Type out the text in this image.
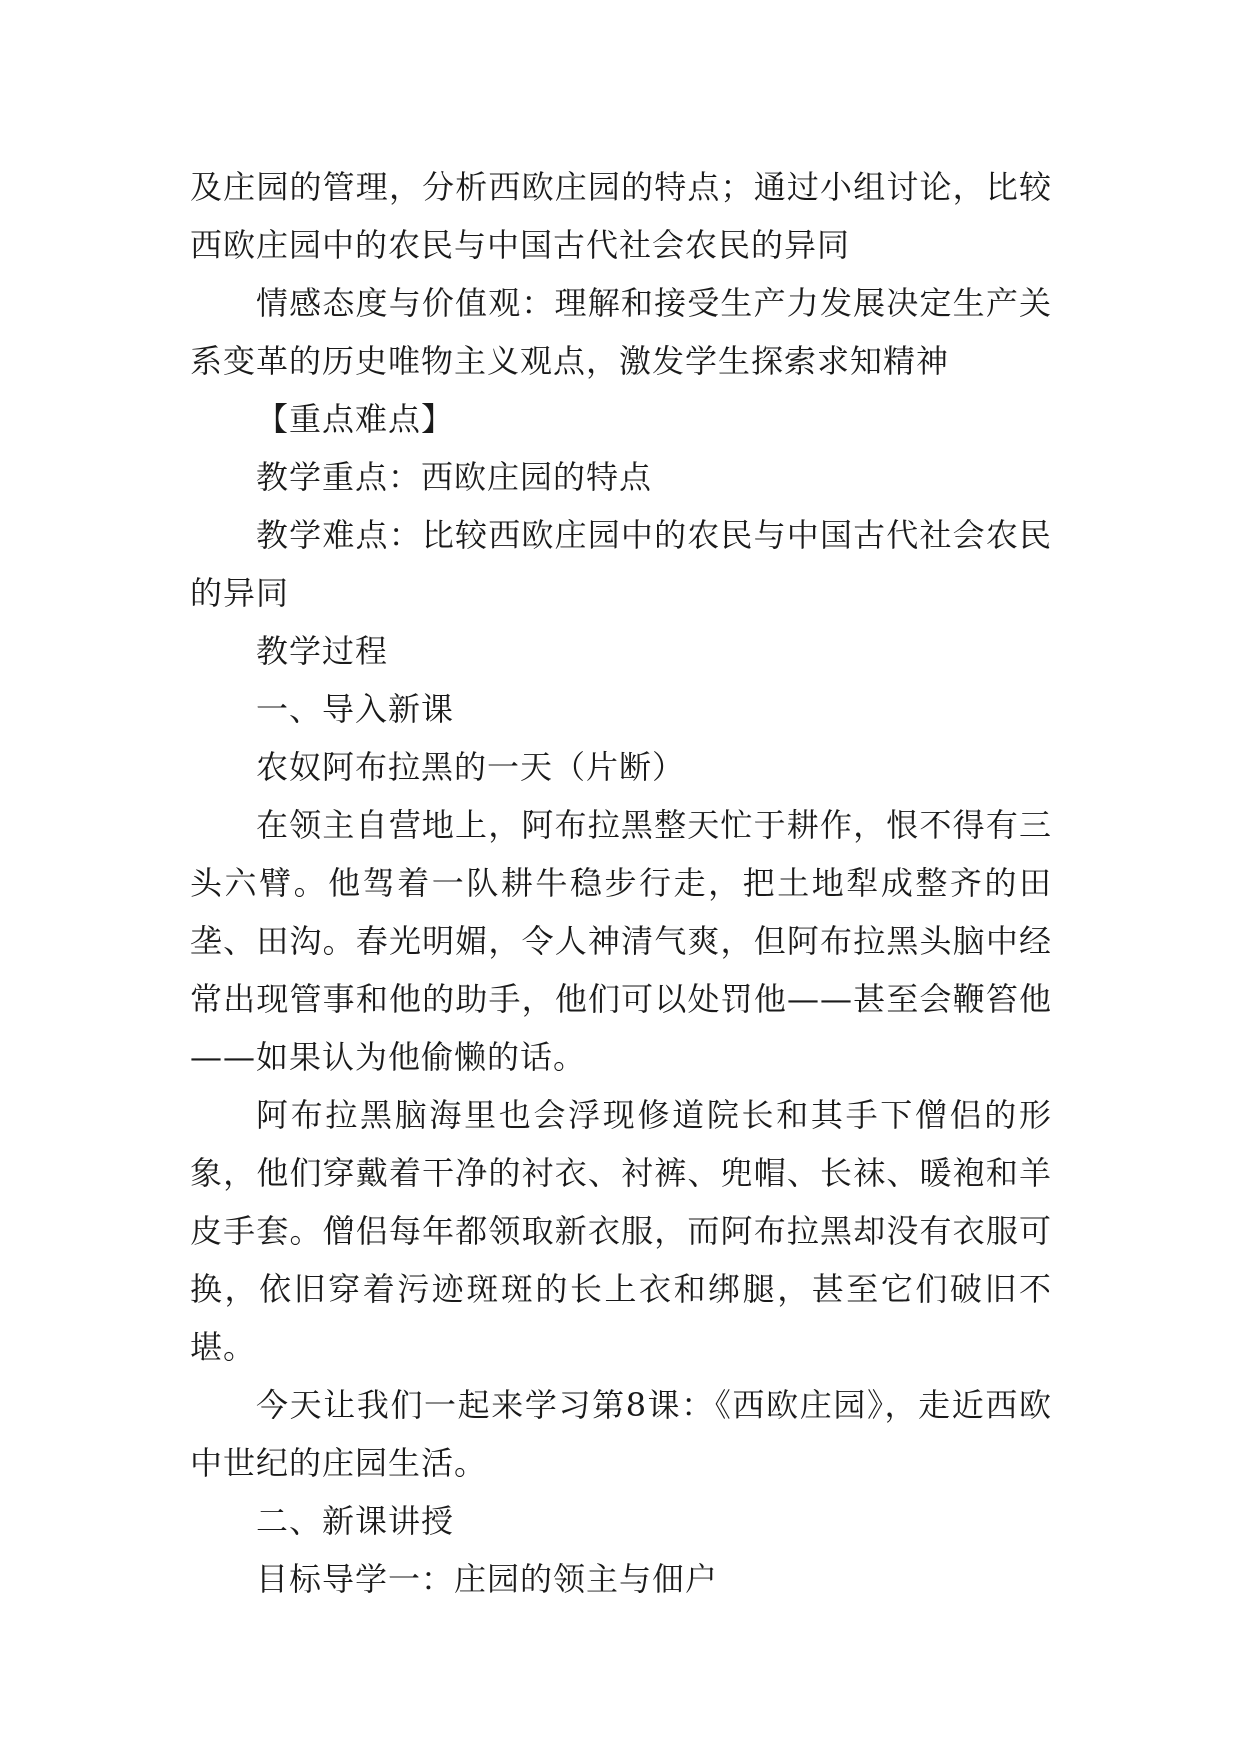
及庄园的管理，分析西欧庄园的特点；通过小组讨论，比较西欧庄园中的农民与中国古代社会农民的异同

情感态度与价值观：理解和接受生产力发展决定生产关系变革的历史唯物主义观点，激发学生探索求知精神

【重点难点】

教学重点：西欧庄园的特点

教学难点：比较西欧庄园中的农民与中国古代社会农民的异同

教学过程

一、导入新课

农奴阿布拉黑的一天（片断）

在领主自营地上，阿布拉黑整天忙于耕作，恨不得有三头六臂。他驾着一队耕牛稳步行走，把土地犁成整齐的田垄、田沟。春光明媚，令人神清气爽，但阿布拉黑头脑中经常出现管事和他的助手，他们可以处罚他——甚至会鞭笞他——如果认为他偷懒的话。

阿布拉黑脑海里也会浮现修道院长和其手下僧侣的形象，他们穿戴着干净的衬衣、衬裤、兜帽、长袜、暖袍和羊皮手套。僧侣每年都领取新衣服，而阿布拉黑却没有衣服可换，依旧穿着污迹斑斑的长上衣和绑腿，甚至它们破旧不堪。

今天让我们一起来学习第8课：《西欧庄园》，走近西欧中世纪的庄园生活。

二、新课讲授

目标导学一：庄园的领主与佃户
